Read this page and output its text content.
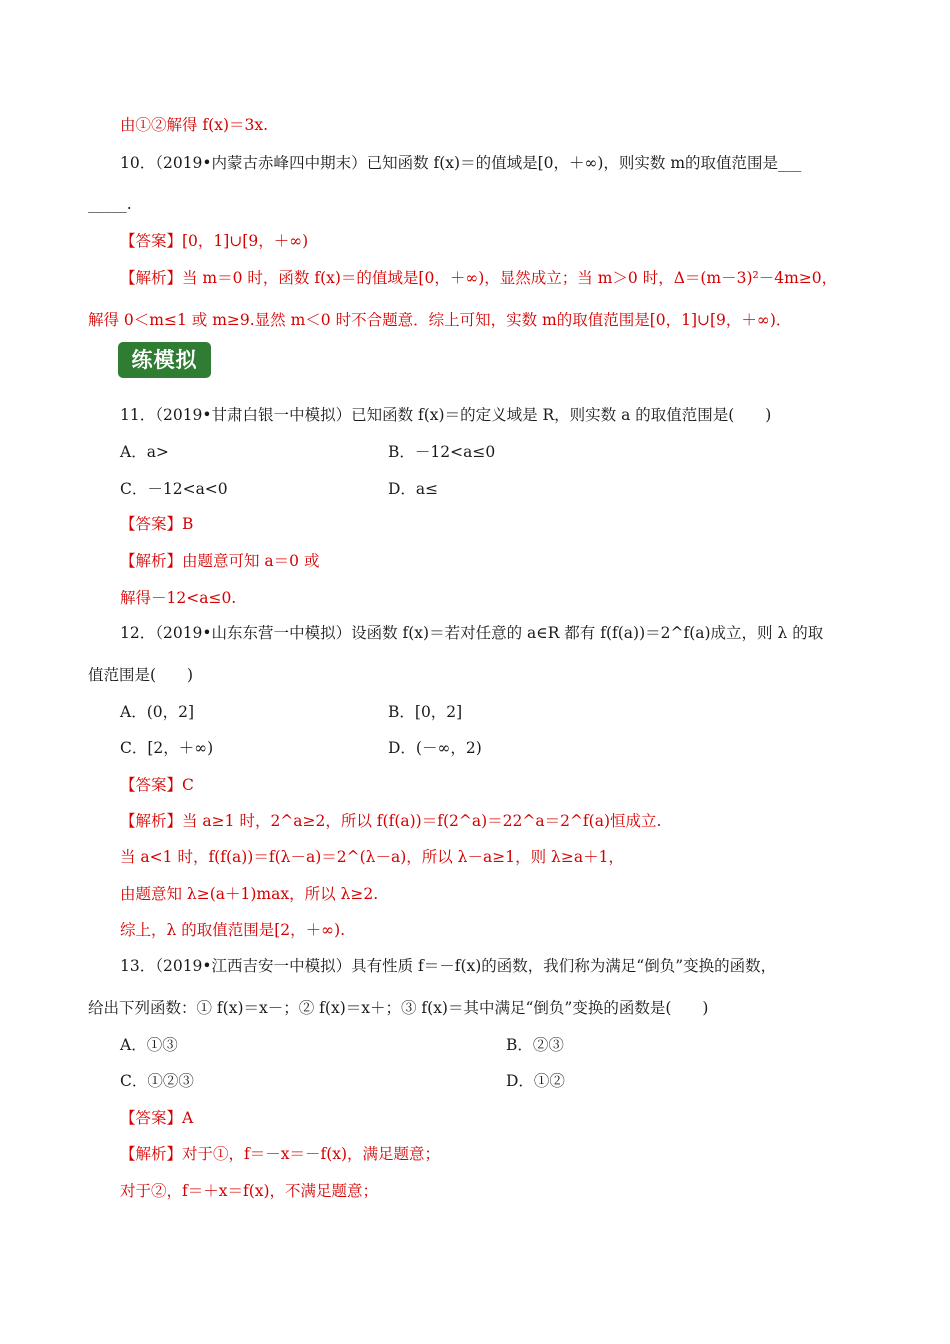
由①②解得 f(x)＝3x.
10．（2019•内蒙古赤峰四中期末）已知函数 f(x)＝的值域是[0，＋∞)，则实数 m的取值范围是___
_____.
【答案】[0，1]∪[9，＋∞)
【解析】当 m＝0 时，函数 f(x)＝的值域是[0，＋∞)，显然成立；当 m＞0 时，Δ＝(m－3)²－4m≥0，
解得 0＜m≤1 或 m≥9.显然 m＜0 时不合题意．综上可知，实数 m的取值范围是[0，1]∪[9，＋∞)．
练模拟
11．（2019•甘肃白银一中模拟）已知函数 f(x)＝的定义域是 R，则实数 a 的取值范围是(　　)
A．a>	B．－12<a≤0
C．－12<a<0	D．a≤
【答案】B
【解析】由题意可知 a＝0 或
解得－12<a≤0.
12．（2019•山东东营一中模拟）设函数 f(x)＝若对任意的 a∈R 都有 f(f(a))＝2^f(a)成立，则 λ 的取
值范围是(　　)
A．(0，2]	B．[0，2]
C．[2，＋∞)	D．(－∞，2)
【答案】C
【解析】当 a≥1 时，2^a≥2，所以 f(f(a))＝f(2^a)＝22^a＝2^f(a)恒成立.
当 a<1 时，f(f(a))＝f(λ－a)＝2^(λ－a)，所以 λ－a≥1，则 λ≥a＋1，
由题意知 λ≥(a＋1)max，所以 λ≥2.
综上，λ 的取值范围是[2，＋∞).
13．（2019•江西吉安一中模拟）具有性质 f＝－f(x)的函数，我们称为满足“倒负”变换的函数，
给出下列函数：① f(x)＝x－；② f(x)＝x＋；③ f(x)＝其中满足“倒负”变换的函数是(　　)
A．①③	B．②③
C．①②③	D．①②
【答案】A
【解析】对于①，f＝－x＝－f(x)，满足题意；
对于②，f＝＋x＝f(x)，不满足题意；
